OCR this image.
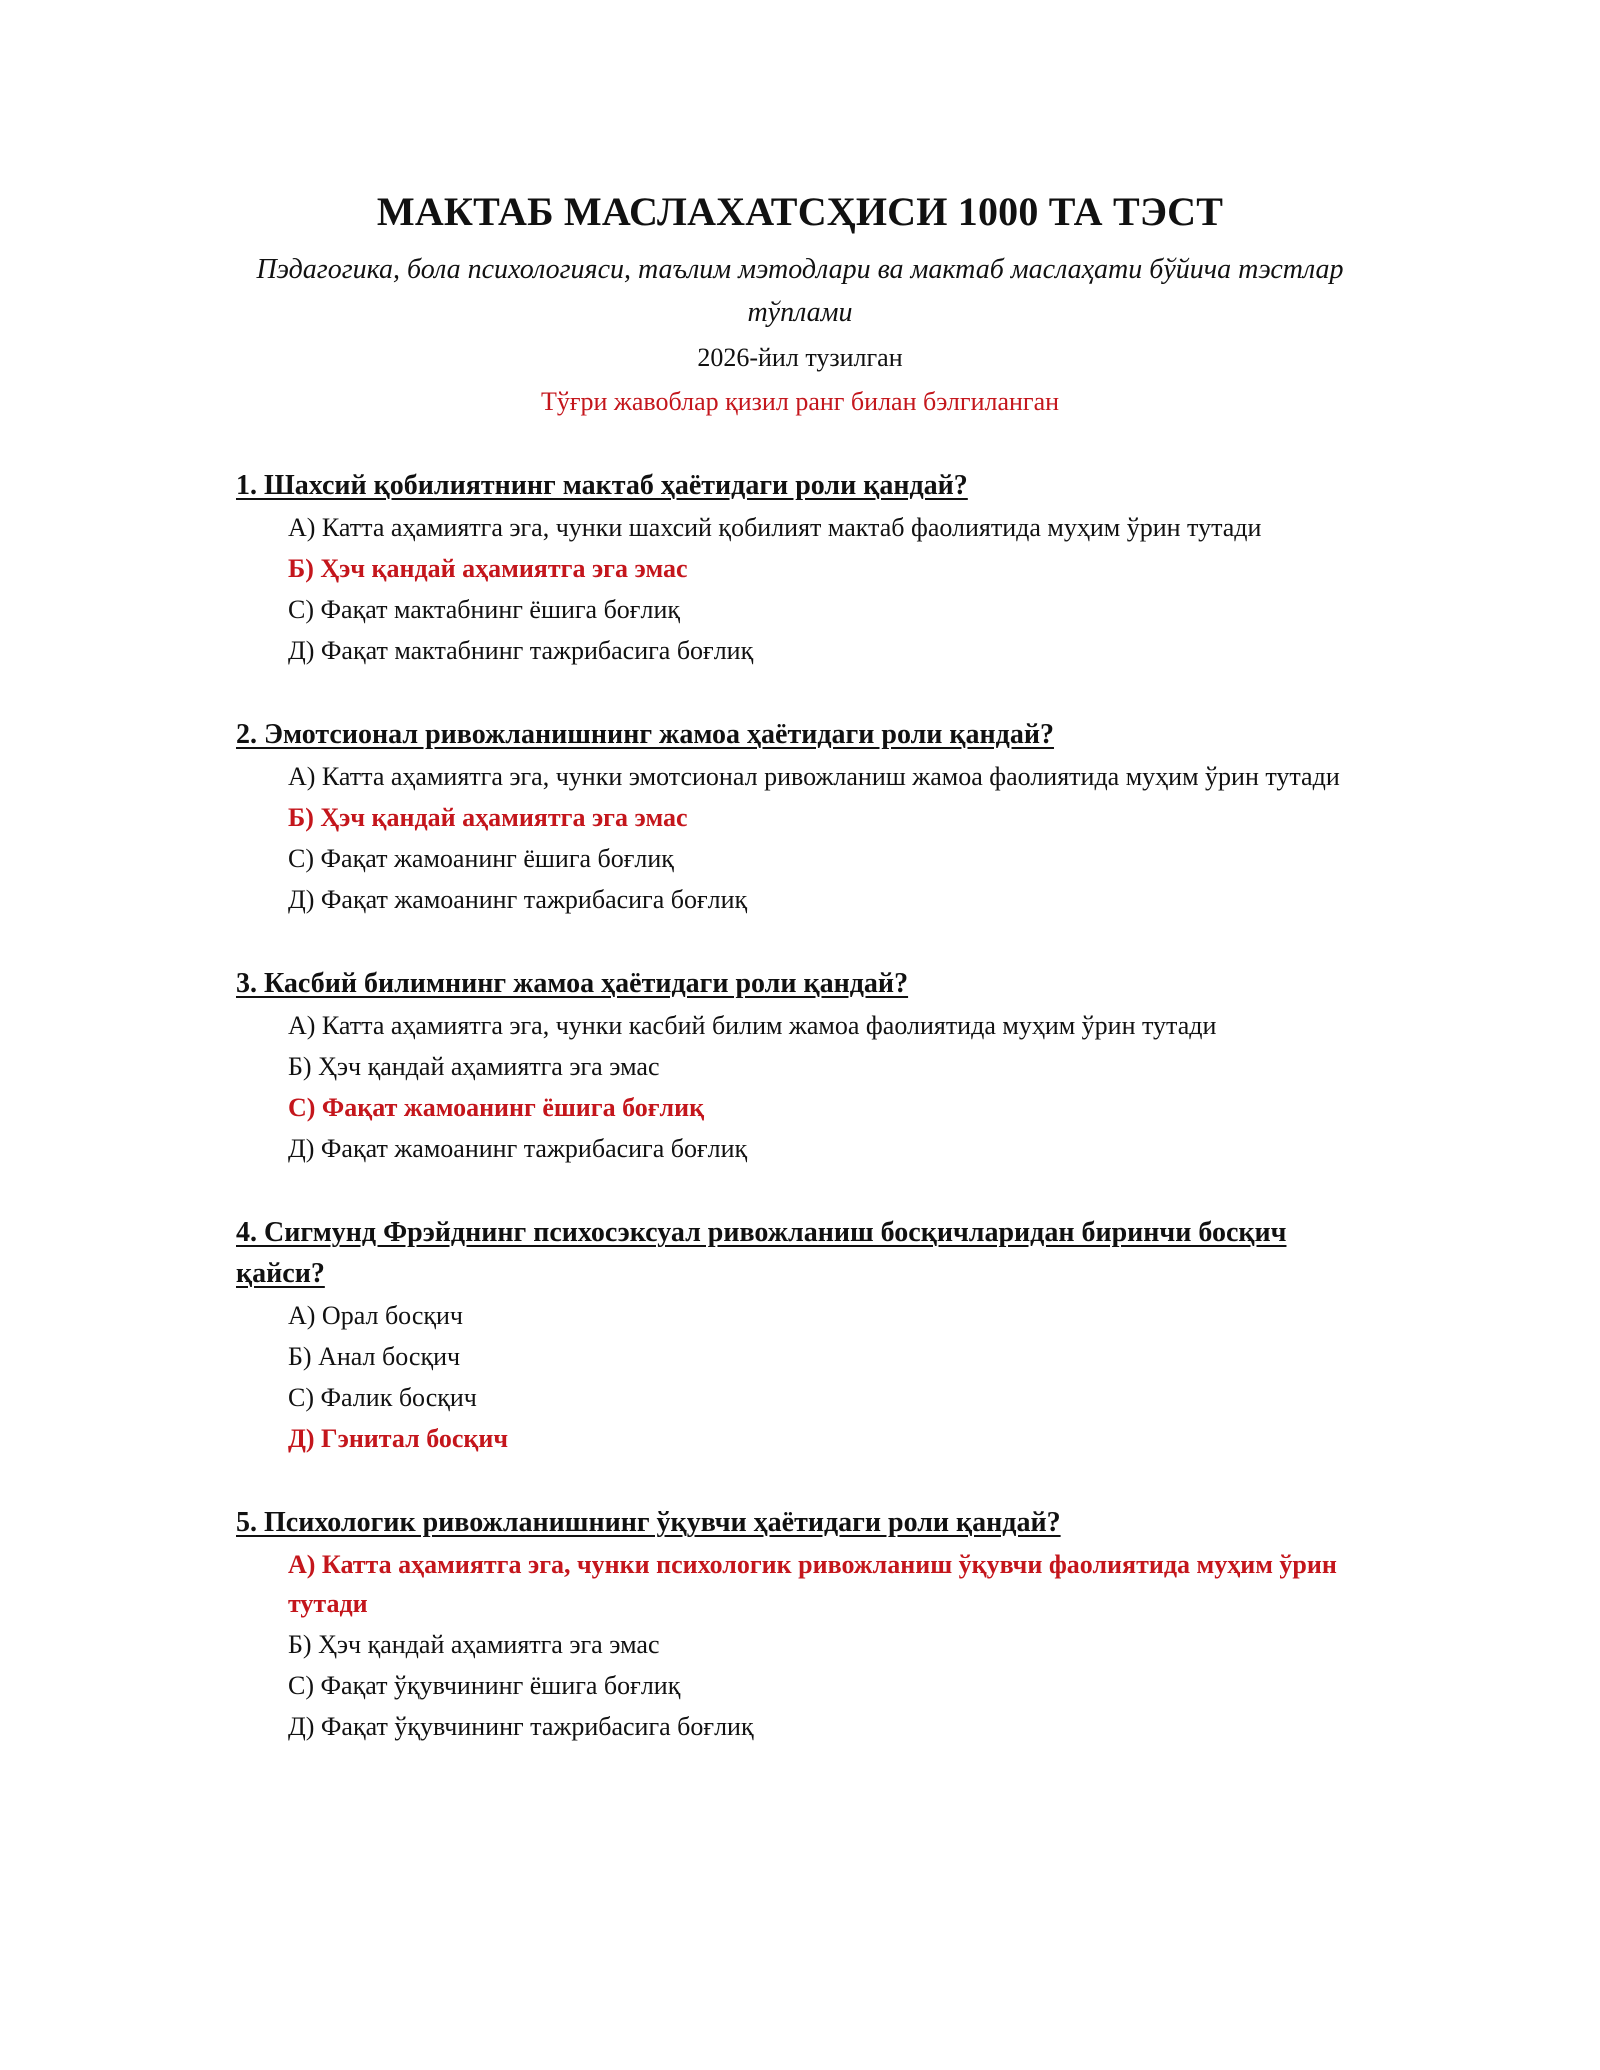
МАКТАБ МАСЛАХАТСҲИСИ 1000 ТА ТЭСТ
Пэдагогика, бола психологияси, таълим мэтодлари ва мактаб маслаҳати бўйича тэстлар тўплами
2026-йил тузилган
Тўғри жавоблар қизил ранг билан бэлгиланган
1. Шахсий қобилиятнинг мактаб ҳаётидаги роли қандай?
А) Катта аҳамиятга эга, чунки шахсий қобилият мактаб фаолиятида муҳим ўрин тутади
Б) Ҳэч қандай аҳамиятга эга эмас
С) Фақат мактабнинг ёшига боғлиқ
Д) Фақат мактабнинг тажрибасига боғлиқ
2. Эмотсионал ривожланишнинг жамоа ҳаётидаги роли қандай?
А) Катта аҳамиятга эга, чунки эмотсионал ривожланиш жамоа фаолиятида муҳим ўрин тутади
Б) Ҳэч қандай аҳамиятга эга эмас
С) Фақат жамоанинг ёшига боғлиқ
Д) Фақат жамоанинг тажрибасига боғлиқ
3. Касбий билимнинг жамоа ҳаётидаги роли қандай?
А) Катта аҳамиятга эга, чунки касбий билим жамоа фаолиятида муҳим ўрин тутади
Б) Ҳэч қандай аҳамиятга эга эмас
С) Фақат жамоанинг ёшига боғлиқ
Д) Фақат жамоанинг тажрибасига боғлиқ
4. Сигмунд Фрэйднинг психосэксуал ривожланиш босқичларидан биринчи босқич қайси?
А) Орал босқич
Б) Анал босқич
С) Фалик босқич
Д) Гэнитал босқич
5. Психологик ривожланишнинг ўқувчи ҳаётидаги роли қандай?
А) Катта аҳамиятга эга, чунки психологик ривожланиш ўқувчи фаолиятида муҳим ўрин тутади
Б) Ҳэч қандай аҳамиятга эга эмас
С) Фақат ўқувчининг ёшига боғлиқ
Д) Фақат ўқувчининг тажрибасига боғлиқ
